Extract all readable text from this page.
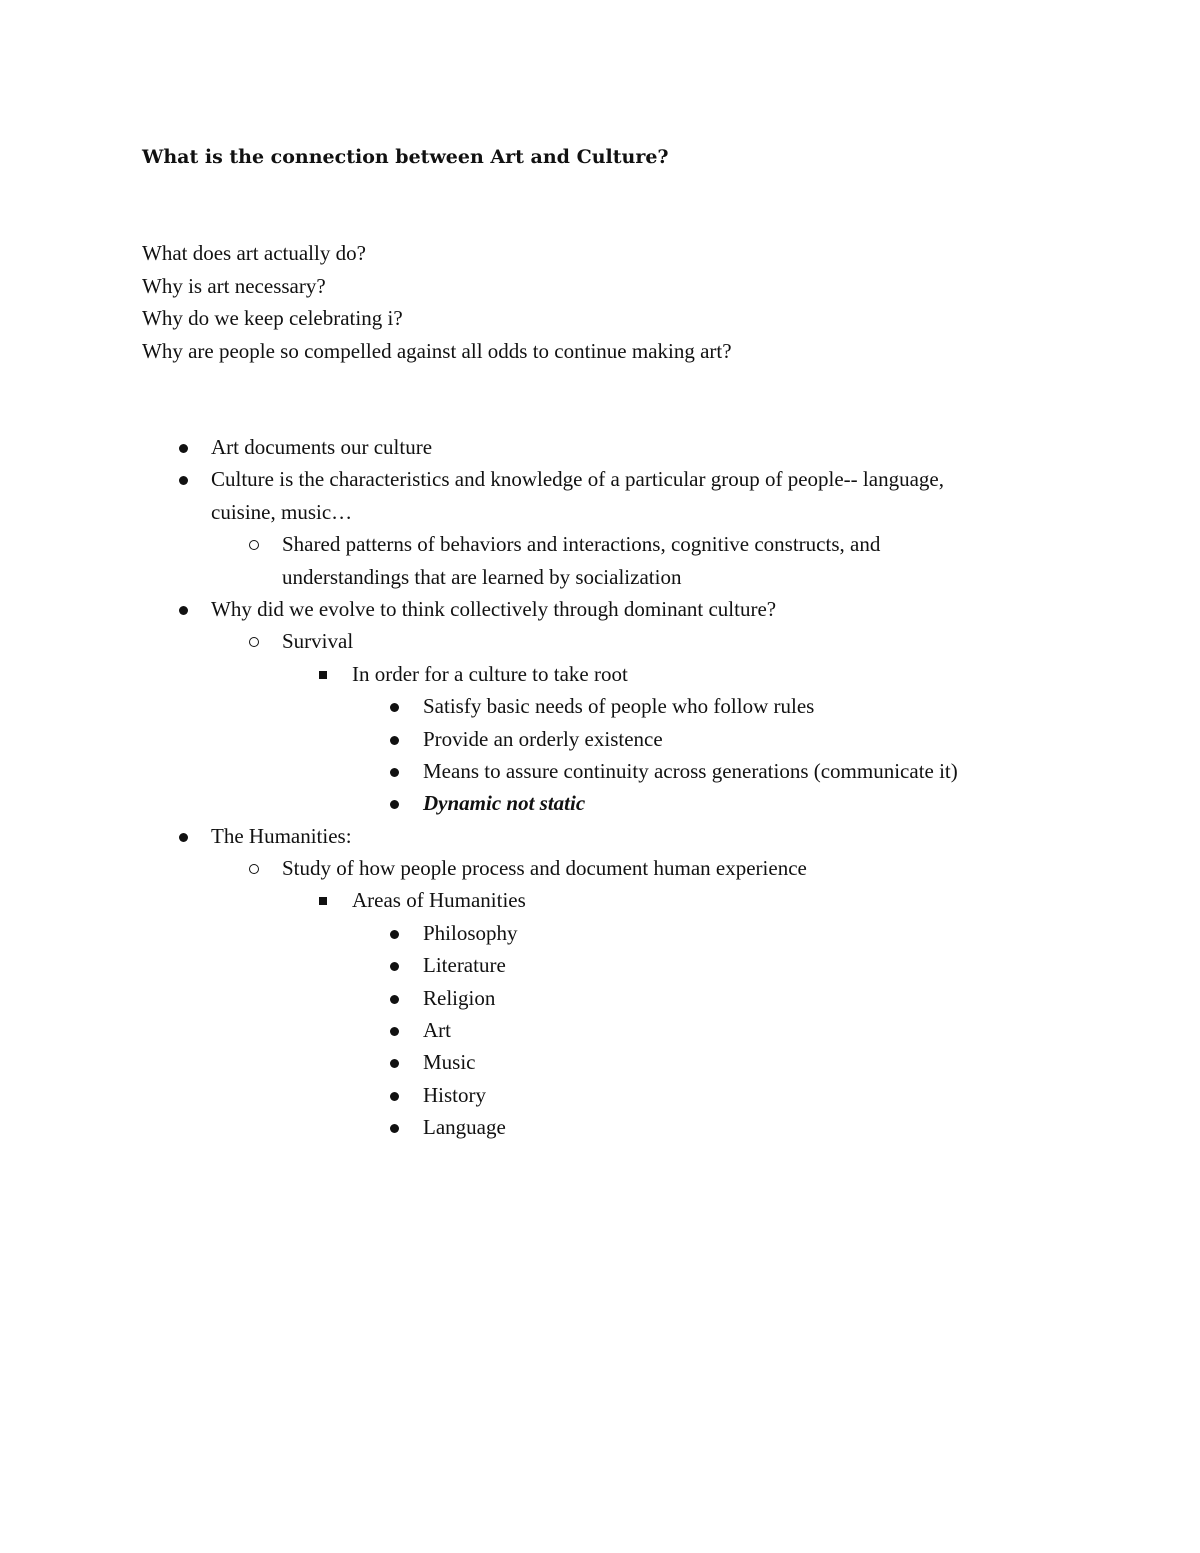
What is the connection between Art and Culture?
What does art actually do?
Why is art necessary?
Why do we keep celebrating i?
Why are people so compelled against all odds to continue making art?
Art documents our culture
Culture is the characteristics and knowledge of a particular group of people-- language,
cuisine, music…
Shared patterns of behaviors and interactions, cognitive constructs, and
understandings that are learned by socialization
Why did we evolve to think collectively through dominant culture?
Survival
In order for a culture to take root
Satisfy basic needs of people who follow rules
Provide an orderly existence
Means to assure continuity across generations (communicate it)
Dynamic not static
The Humanities:
Study of how people process and document human experience
Areas of Humanities
Philosophy
Literature
Religion
Art
Music
History
Language
